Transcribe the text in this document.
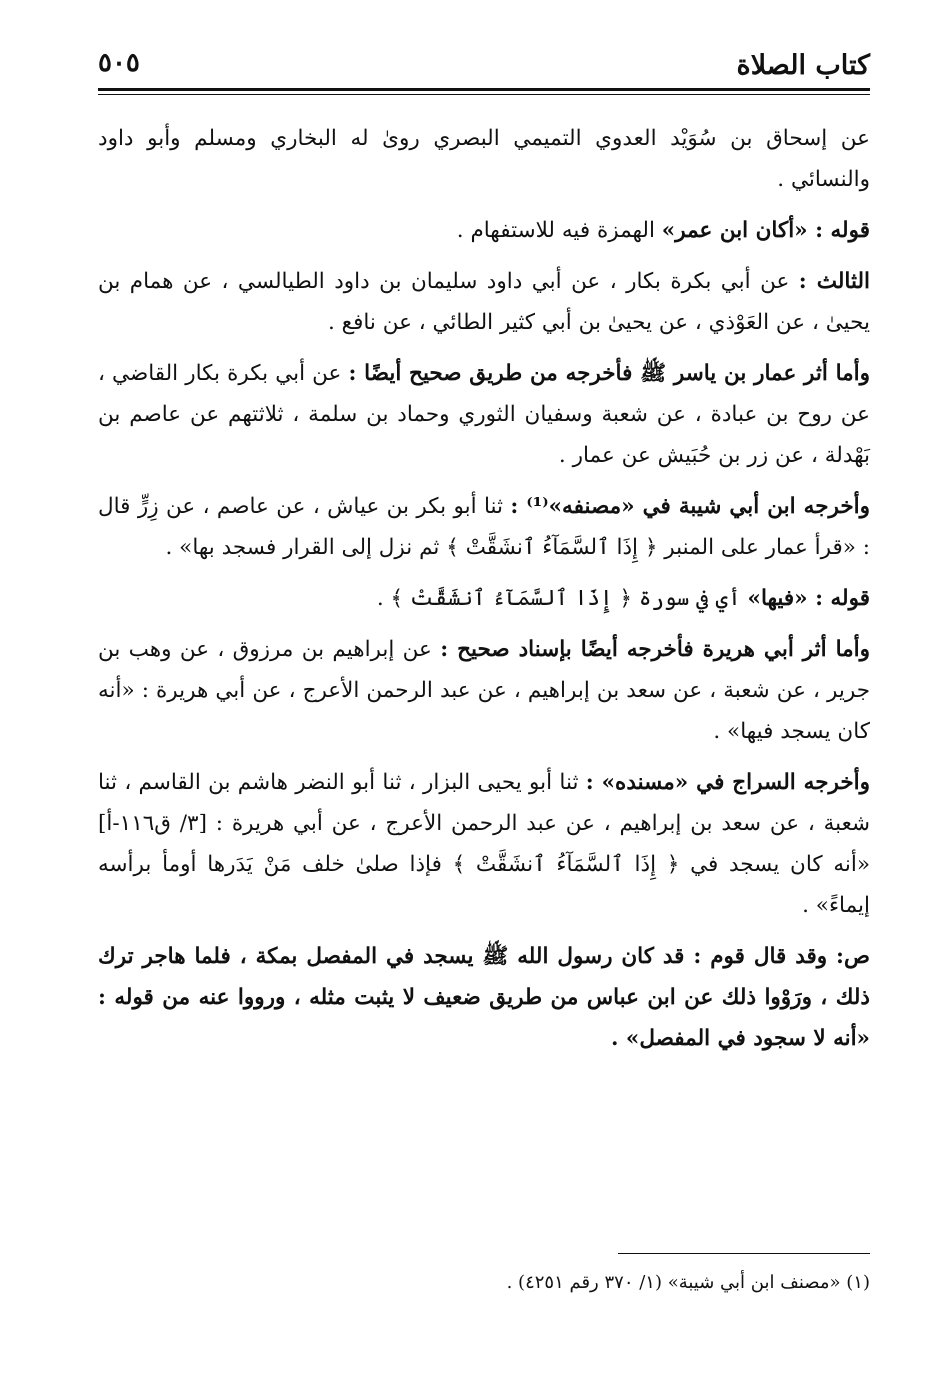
كتاب الصلاة
٥٠٥

عن إسحاق بن سُوَيْد العدوي التميمي البصري روىٰ له البخاري ومسلم وأبو داود والنسائي .

قوله : «أكان ابن عمر» الهمزة فيه للاستفهام .

الثالث : عن أبي بكرة بكار ، عن أبي داود سليمان بن داود الطيالسي ، عن همام بن يحيىٰ ، عن العَوْذي ، عن يحيىٰ بن أبي كثير الطائي ، عن نافع .

وأما أثر عمار بن ياسر ﷺ فأخرجه من طريق صحيح أيضًا : عن أبي بكرة بكار القاضي ، عن روح بن عبادة ، عن شعبة وسفيان الثوري وحماد بن سلمة ، ثلاثتهم عن عاصم بن بَهْدلة ، عن زر بن حُبَيش عن عمار .

وأخرجه ابن أبي شيبة في «مصنفه»⁽¹⁾ : ثنا أبو بكر بن عياش ، عن عاصم ، عن زِرٍّ قال : «قرأ عمار على المنبر ﴿ إِذَا ٱلسَّمَآءُ ٱنشَقَّتْ ﴾ ثم نزل إلى القرار فسجد بها» .

قوله : «فيها» أي في سورة ﴿ إِذَا ٱلسَّمَآءُ ٱنشَقَّتْ ﴾ .

وأما أثر أبي هريرة فأخرجه أيضًا بإسناد صحيح : عن إبراهيم بن مرزوق ، عن وهب بن جرير ، عن شعبة ، عن سعد بن إبراهيم ، عن عبد الرحمن الأعرج ، عن أبي هريرة : «أنه كان يسجد فيها» .

وأخرجه السراج في «مسنده» : ثنا أبو يحيى البزار ، ثنا أبو النضر هاشم بن القاسم ، ثنا شعبة ، عن سعد بن إبراهيم ، عن عبد الرحمن الأعرج ، عن أبي هريرة : [٣/ ق١١٦-أ] «أنه كان يسجد في ﴿ إِذَا ٱلسَّمَآءُ ٱنشَقَّتْ ﴾ فإذا صلىٰ خلف مَنْ يَدَرها أومأ برأسه إيماءً» .

ص: وقد قال قوم : قد كان رسول الله ﷺ يسجد في المفصل بمكة ، فلما هاجر ترك ذلك ، ورَوْوا ذلك عن ابن عباس من طريق ضعيف لا يثبت مثله ، ورووا عنه من قوله : «أنه لا سجود في المفصل» .

(١) «مصنف ابن أبي شيبة» (١/ ٣٧٠ رقم ٤٢٥١) .
